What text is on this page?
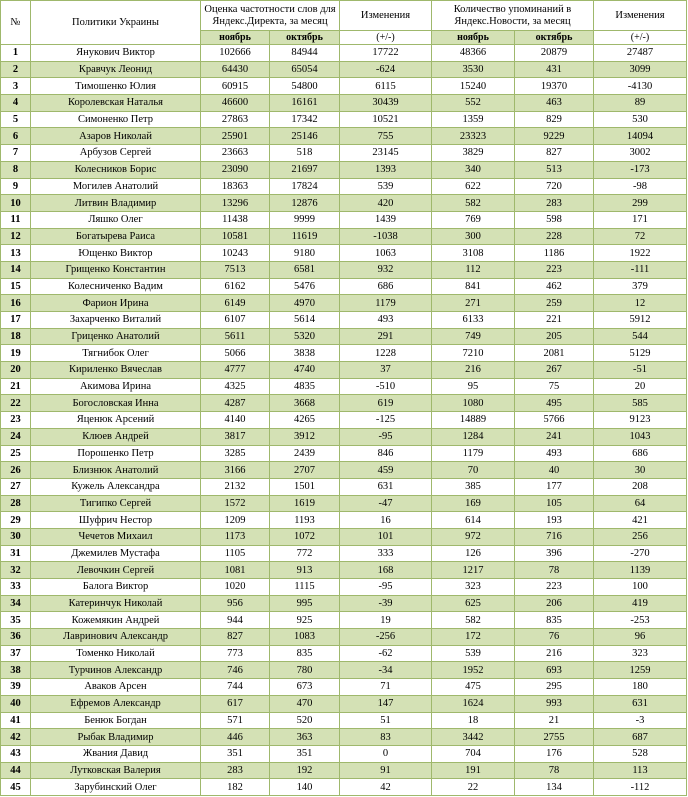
№	Политики Украины	Оценка частотности слов для Яндекс.Директа, за месяц		Изменения	Количество упоминаний в Яндекс.Новости, за месяц		Изменения
		ноябрь	октябрь	(+/-)	ноябрь	октябрь	(+/-)
1	Янукович Виктор	102666	84944	17722	48366	20879	27487
2	Кравчук Леонид	64430	65054	-624	3530	431	3099
3	Тимошенко Юлия	60915	54800	6115	15240	19370	-4130
4	Королевская Наталья	46600	16161	30439	552	463	89
5	Симоненко Петр	27863	17342	10521	1359	829	530
6	Азаров Николай	25901	25146	755	23323	9229	14094
7	Арбузов Сергей	23663	518	23145	3829	827	3002
8	Колесников Борис	23090	21697	1393	340	513	-173
9	Могилев Анатолий	18363	17824	539	622	720	-98
10	Литвин Владимир	13296	12876	420	582	283	299
11	Ляшко Олег	11438	9999	1439	769	598	171
12	Богатырева Раиса	10581	11619	-1038	300	228	72
13	Ющенко Виктор	10243	9180	1063	3108	1186	1922
14	Грищенко Константин	7513	6581	932	112	223	-111
15	Колесниченко Вадим	6162	5476	686	841	462	379
16	Фарион Ирина	6149	4970	1179	271	259	12
17	Захарченко Виталий	6107	5614	493	6133	221	5912
18	Гриценко Анатолий	5611	5320	291	749	205	544
19	Тягнибок Олег	5066	3838	1228	7210	2081	5129
20	Кириленко Вячеслав	4777	4740	37	216	267	-51
21	Акимова Ирина	4325	4835	-510	95	75	20
22	Богословская Инна	4287	3668	619	1080	495	585
23	Яценюк Арсений	4140	4265	-125	14889	5766	9123
24	Клюев Андрей	3817	3912	-95	1284	241	1043
25	Порошенко Петр	3285	2439	846	1179	493	686
26	Близнюк Анатолий	3166	2707	459	70	40	30
27	Кужель Александра	2132	1501	631	385	177	208
28	Тигипко Сергей	1572	1619	-47	169	105	64
29	Шуфрич Нестор	1209	1193	16	614	193	421
30	Чечетов Михаил	1173	1072	101	972	716	256
31	Джемилев Мустафа	1105	772	333	126	396	-270
32	Левочкин Сергей	1081	913	168	1217	78	1139
33	Балога Виктор	1020	1115	-95	323	223	100
34	Катеринчук Николай	956	995	-39	625	206	419
35	Кожемякин Андрей	944	925	19	582	835	-253
36	Лавринович Александр	827	1083	-256	172	76	96
37	Томенко Николай	773	835	-62	539	216	323
38	Турчинов Александр	746	780	-34	1952	693	1259
39	Аваков Арсен	744	673	71	475	295	180
40	Ефремов Александр	617	470	147	1624	993	631
41	Бенюк Богдан	571	520	51	18	21	-3
42	Рыбак Владимир	446	363	83	3442	2755	687
43	Жвания Давид	351	351	0	704	176	528
44	Лутковская Валерия	283	192	91	191	78	113
45	Зарубинский Олег	182	140	42	22	134	-112
